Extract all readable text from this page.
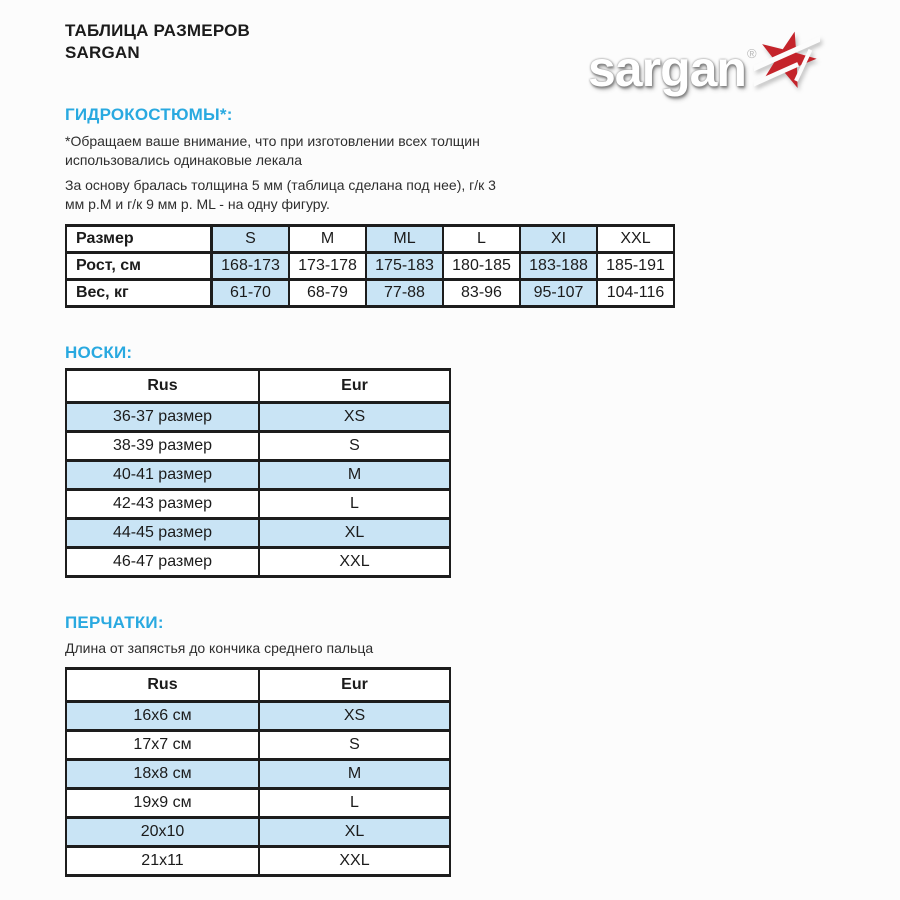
ТАБЛИЦА РАЗМЕРОВ
SARGAN	sargan®
ГИДРОКОСТЮМЫ*:
*Обращаем ваше внимание, что при изготовлении всех толщин
использовались одинаковые лекала
За основу бралась толщина 5 мм (таблица сделана под нее), г/к 3
мм р.М и г/к 9 мм р. ML - на одну фигуру.
Размер	S	M	ML	L	XI	XXL
Рост, см	168-173	173-178	175-183	180-185	183-188	185-191
Вес, кг	61-70	68-79	77-88	83-96	95-107	104-116
НОСКИ:
Rus	Eur
36-37 размер	XS
38-39 размер	S
40-41 размер	M
42-43 размер	L
44-45 размер	XL
46-47 размер	XXL
ПЕРЧАТКИ:
Длина от запястья до кончика среднего пальца
Rus	Eur
16x6 см	XS
17x7 см	S
18x8 см	M
19x9 см	L
20x10	XL
21x11	XXL
